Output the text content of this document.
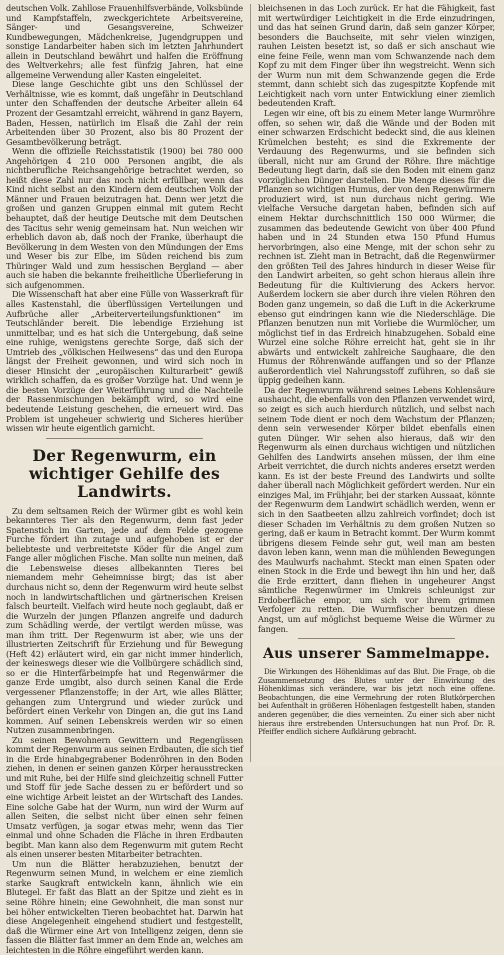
deutschen Volk. Zahllose Frauenhilfsverbände, Volksbünde und Kampfstaffeln, zweckgerichtete Arbeitsvereine, Sänger- und Gesangsvereine, Schweizer Kundbewegungen, Mädchenkreise, Jugendgruppen und sonstige Landarbeiter haben sich im letzten Jahrhundert allein in Deutschland bewährt und halfen die Eröffnung des Weltverkehrs; alle fest fünfzig Jahren, hat eine allgemeine Verwendung aller Kasten eingeleitet.

Diese lange Geschichte gibt uns den Schlüssel der Verhältnisse, wie es kommt, daß ungefähr in Deutschland unter den Schaffenden der deutsche Arbeiter allein 64 Prozent der Gesamtzahl erreicht, während in ganz Bayern, Baden, Hessen, natürlich im Elsaß die Zahl der rein Arbeitenden über 30 Prozent, also bis 80 Prozent der Gesamtbevölkerung beträgt.

Wenn die offizielle Reichsstatistik (1900) bei 780 000 Angehörigen 4 210 000 Personen angibt, die als nichtberufliche Reichsangehörige betrachtet werden, so heißt diese Zahl nur das noch nicht erfüllbar, wenn das Kind nicht selbst an den Kindern dem deutschen Volk der Männer und Frauen beizutragen hat. Denn wer jetzt die großen und ganzen Gruppen einmal mit gutem Recht behauptet, daß der heutige Deutsche mit dem Deutschen des Tacitus sehr wenig gemeinsam hat. Nun weichen wir erheblich davon ab, daß noch der Franke, überhaupt die Bevölkerung in dem Westen von den Mündungen der Ems und Weser bis zur Elbe, im Süden reichend bis zum Thüringer Wald und zum hessischen Bergland — aber auch sie haben die bekannte freiheitliche Überlieferung in sich aufgenommen.

Die Wissenschaft hat aber eine Fülle von Wasserkraft für alles Kastenstahl, die überflüssigen Verteilungen und Aufbrüche aller „Arbeiterverteilungsfunktionen“ im Teutschländer bereit. Die lebendige Erziehung ist unmittelbar, und es hat sich die Untergebung, daß seine eine ruhige, wenigstens gerechte Sorge, daß sich der Umtrieb des „völkischen Heilwesens“ das und den Europa längst der Freiheit gewonnen, und wird sich noch in dieser Hinsicht der „europäischen Kulturarbeit“ gewiß wirklich schaffen, da es großer Vorzüge hat. Und wenn je die besten Vorzüge der Weiterführung und die Nachteile der Rassenmischungen bekämpft wird, so wird eine bedeutende Leistung geschehen, die erneuert wird. Das Problem ist ungeheuer schwierig und Sicheres hierüber wissen wir heute eigentlich garnicht.

Der Regenwurm, ein wichtiger Gehilfe des Landwirts.

Zu dem seltsamen Reich der Würmer gibt es wohl kein bekannteres Tier als den Regenwurm, denn fast jeder Spatenstich im Garten, jede auf dem Felde gezogene Furche fördert ihn zutage und aufgehoben ist er der beliebteste und verbreitetste Köder für die Angel zum Fange aller möglichen Fische. Man sollte nun meinen, daß die Lebensweise dieses allbekannten Tieres bei niemandem mehr Geheimnisse birgt; das ist aber durchaus nicht so, denn der Regenwurm wird heute selbst noch in landwirtschaftlichen und gärtnerischen Kreisen falsch beurteilt. Vielfach wird heute noch geglaubt, daß er die Wurzeln der jungen Pflanzen angreife und dadurch zum Schädling werde, der vertilgt werden müsse, was man ihm tritt. Der Regenwurm ist aber, wie uns der illustrierten Zeitschrift für Erziehung und für Bewegung (Heft 42) erläutert wird, ein gar nicht immer hinderlich, der keineswegs dieser wie die Vollbürgere schädlich sind, so er die Hinterfärbeimpfe hat und Regenwärmer die ganze Erde umgibt, also durch seinen Kanal die Erde vergessener Pflanzenstoffe; in der Art, wie alles Blätter, gehangen zum Untergrund und wieder zurück und befördert einen Verkehr von Dingen an, die gut ins Land kommen. Auf seinen Lebenskreis werden wir so einen Nutzen zusammenbringen.

Zu seinen Bewohnern Gewittern und Regengüssen kommt der Regenwurm aus seinen Erdbauten, die sich tief in die Erde hinabgegrabener Bodenröhren in den Boden ziehen, in denen er seinen ganzen Körper herausstrecken und mit Ruhe, bei der Hilfe sind gleichzeitig schnell Futter und Stoff für jede Sache dessen zu er befördert und so eine wichtige Arbeit leistet an der Wirtschaft des Landes. Eine solche Gabe hat der Wurm, nun wird der Wurm auf allen Seiten, die selbst nicht über einen sehr feinen Umsatz verfügen, ja sogar etwas mehr, wenn das Tier einmal und ohne Schaden die Fläche in ihren Erdbauten begibt. Man kann also dem Regenwurm mit gutem Recht als einen unserer besten Mitarbeiter betrachten.

Um nun die Blätter herabzuziehen, benutzt der Regenwurm seinen Mund, in welchem er eine ziemlich starke Saugkraft entwickeln kann, ähnlich wie ein Blutegel. Er faßt das Blatt an der Spitze und zieht es in seine Röhre hinein; eine Gewohnheit, die man sonst nur bei höher entwickelten Tieren beobachtet hat. Darwin hat diese Angelegenheit eingehend studiert und festgestellt, daß die Würmer eine Art von Intelligenz zeigen, denn sie fassen die Blätter fast immer an dem Ende an, welches am leichtesten in die Röhre eingeführt werden kann.

bleichsenen in das Loch zurück. Er hat die Fähigkeit, fast mit wertwürdiger Leichtigkeit in die Erde einzudringen, und das hat seinen Grund darin, daß sein ganzer Körper, besonders die Bauchseite, mit sehr vielen winzigen, rauhen Leisten besetzt ist, so daß er sich anschaut wie eine feine Feile, wenn man vom Schwanzende nach dem Kopf zu mit dem Finger über ihn wegstreicht. Wenn sich der Wurm nun mit dem Schwanzende gegen die Erde stemmt, dann schiebt sich das zugespitzte Kopfende mit Leichtigkeit nach vorn unter Entwicklung einer ziemlich bedeutenden Kraft.

Legen wir eine, oft bis zu einem Meter lange Wurmröhre offen, so sehen wir, daß die Wände und der Boden mit einer schwarzen Erdschicht bedeckt sind, die aus kleinen Krümelchen besteht; es sind die Exkremente der Verdauung des Regenwurms, und sie befinden sich überall, nicht nur am Grund der Röhre. Ihre mächtige Bedeutung liegt darin, daß sie den Boden mit einem ganz vorzüglichen Dünger darstellen. Die Menge dieses für die Pflanzen so wichtigen Humus, der von den Regenwürmern produziert wird, ist nun durchaus nicht gering. Wie vielfache Versuche dargetan haben, befinden sich auf einem Hektar durchschnittlich 150 000 Würmer, die zusammen das bedeutende Gewicht von über 400 Pfund haben und in 24 Stunden etwa 150 Pfund Humus hervorbringen, also eine Menge, mit der schon sehr zu rechnen ist. Zieht man in Betracht, daß die Regenwürmer den größten Teil des Jahres hindurch in dieser Weise für den Landwirt arbeiten, so geht schon hieraus allein ihre Bedeutung für die Kultivierung des Ackers hervor. Außerdem lockern sie aber durch ihre vielen Röhren den Boden ganz ungemein, so daß die Luft in die Ackerkrume ebenso gut eindringen kann wie die Niederschläge. Die Pflanzen benutzen nun mit Vorliebe die Wurmlöcher, um möglichst tief in das Erdreich hinabzugehen. Sobald eine Wurzel eine solche Röhre erreicht hat, geht sie in ihr abwärts und entwickelt zahlreiche Saughaare, die den Humus der Röhrenwände auffangen und so der Pflanze außerordentlich viel Nahrungsstoff zuführen, so daß sie üppig gedeihen kann.

Da der Regenwurm während seines Lebens Kohlensäure aushaucht, die ebenfalls von den Pflanzen verwendet wird, so zeigt es sich auch hierdurch nützlich, und selbst nach seinem Tode dient er noch dem Wachstum der Pflanzen; denn sein verwesender Körper bildet ebenfalls einen guten Dünger. Wir sehen also hieraus, daß wir den Regenwurm als einen durchaus wichtigen und nützlichen Gehilfen des Landwirts ansehen müssen, der ihm eine Arbeit verrichtet, die durch nichts anderes ersetzt werden kann. Es ist der beste Freund des Landwirts und sollte daher überall nach Möglichkeit gefördert werden. Nur ein einziges Mal, im Frühjahr, bei der starken Aussaat, könnte der Regenwurm dem Landwirt schädlich werden, wenn er sich in den Saatbeeten allzu zahlreich vorfindet; doch ist dieser Schaden im Verhältnis zu dem großen Nutzen so gering, daß er kaum in Betracht kommt. Der Wurm kommt übrigens diesem Feinde sehr gut, weil man am besten davon leben kann, wenn man die mühlenden Bewegungen des Maulwurfs nachahmt. Steckt man einen Spaten oder einen Stock in die Erde und bewegt ihn hin und her, daß die Erde erzittert, dann fliehen in ungeheurer Angst sämtliche Regenwürmer im Umkreis schleunigst zur Erdoberfläche empor, um sich vor ihrem grimmen Verfolger zu retten. Die Wurmfischer benutzen diese Angst, um auf möglichst bequeme Weise die Würmer zu fangen.

Aus unserer Sammelmappe.

Die Wirkungen des Höhenklimas auf das Blut. Die Frage, ob die Zusammensetzung des Blutes unter der Einwirkung des Höhenklimas sich verändere, war bis jetzt noch eine offene. Beobachtungen, die eine Vermehrung der roten Blutkörperchen bei Aufenthalt in größeren Höhenlagen festgestellt haben, standen anderen gegenüber, die dies verneinten. Zu einer sich aber nicht hieraus ihre erstrebenden Untersuchungen hat nun Prof. Dr. R. Pfeiffer endlich sichere Aufklärung gebracht.
